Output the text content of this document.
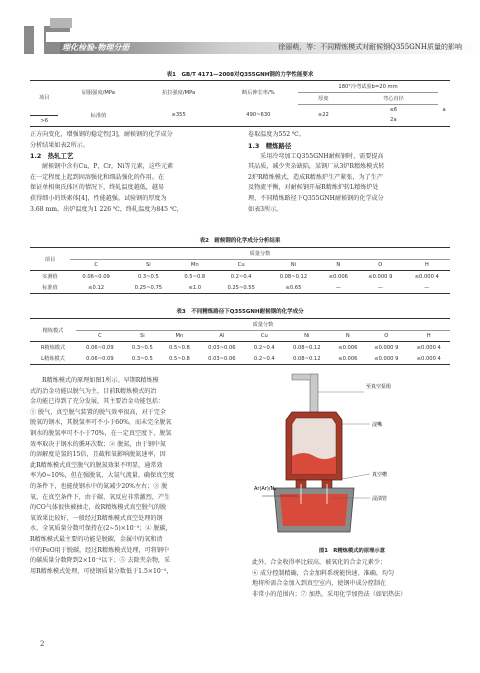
理化检验-物理分册	徐丽萌，等：不同精炼模式对耐候钢Q355GNH质量的影响
表1　GB/T 4171—2008对Q355GNH钢的力学性能要求
项目	屈服强度/MPa	抗拉强度/MPa	断后伸长率/%	180°冷弯试验b=20 mm		
				厚度	弯心直径	
	标准值	≥355	490~630	≥22	≤6	a
>6					2a	
正方向变化，增强钢的稳定性[3]，耐候钢的化学成分
分析结果如表2所示。
1.2　热轧工艺

耐候钢中含有Cu，P，Cr，Ni等元素，这些元素

在一定程度上起到固溶强化和细晶强化的作用。在
保证单相奥氏体区的情况下，终轧温度越低，越易
获得细小的铁素体[4]，性能越强。试验钢的厚度为
3.68 mm，出炉温度为1 226 ℃，终轧温度为845 ℃，
卷取温度为552 ℃。
1.3　精炼路径

采用冷弯加工Q355GNH耐候钢时，需要提高

其品质，减少夹杂缺陷，某钢厂从3炉R精炼模式转
2炉R精炼模式，造成R精炼炉生产紧张，为了生产
及物流平衡，对耐候钢开展R精炼炉转L精炼炉处
理，不同精炼路径下Q355GNH耐候钢的化学成分
如表3所示。
表2　耐候钢的化学成分分析结果
项目	质量分数							
	C	Si	Mn	Cu	Ni	N	O	H
实测值	0.06~0.09	0.3~0.5	0.5~0.8	0.2~0.4	0.08~0.12	≤0.006	≤0.000 9	≤0.000 4
标准值	≤0.12	0.25~0.75	≤1.0	0.25~0.55	≤0.65	—	—	—
表3　不同精炼路径下Q355GNH耐候钢的化学成分
精炼模式	质量分数								
	C	Si	Mn	Al	Cu	Ni	N	O	H
R精炼模式	0.06~0.09	0.3~0.5	0.5~0.8	0.03~0.06	0.2~0.4	0.08~0.12	≤0.006	≤0.000 9	≤0.000 4
L精炼模式	0.06~0.09	0.3~0.5	0.5~0.8	0.03~0.06	0.2~0.4	0.08~0.12	≤0.006	≤0.000 9	≤0.000 4
R精炼模式的原理如图1所示。早期R精炼模
式的冶金功能以脱气为主，目前R精炼模式的冶
金功能已得到了充分发展，其主要冶金功能包括：
① 脱气，真空脱气装置的脱气效率很高，对于完全
脱氧的钢水，其脱氢率可不小于60%，而未完全脱氧
钢水的脱氢率可不小于70%，在一定真空度下，脱氢
效率取决于钢水的循环次数；② 脱氮，由于钢中氮
的溶解度是氢的15倍，且截和氧影响脱氮速率，因
此R精炼模式真空脱气的脱氮效果不明显，通常效
率为0~10%，但在强脱氧、大氩气流量、确保真空度
的条件下，也能使钢水中的氮减少20%左右；③ 脱
氧，在真空条件下，由于碳、氧反应非常激烈，产生
的CO气体很快被抽走，故R精炼模式真空脱气的脱
氧效果比较好，一般经过R精炼模式真空处理的钢
水，全氧质量分数可保持在(2~5)×10⁻⁵；④ 脱碳，
R精炼模式最主要的功能是脱碳，金属中的氧和渣
中的FeO用于脱碳，经过R精炼模式处理，可将钢中
的碳质量分数降到2×10⁻⁵以下；⑤ 去除夹杂物，采
用R精炼模式处理，可使钢质量分数低于1.5×10⁻⁵，
至真空泵组
浸嘴
Ar(Ar)/N₂
真空槽
浸渍管
图1　R精炼模式的原理示意
此外，合金收得率比较高，被氧化的合金元素少；
⑥ 成分控制精确，合金加料系统能快速、准确、均匀
地将所需合金加入到真空室内，使钢中成分控制在
非常小的范围内；⑦ 加热，采用化学加热法（如铝热法）
2
